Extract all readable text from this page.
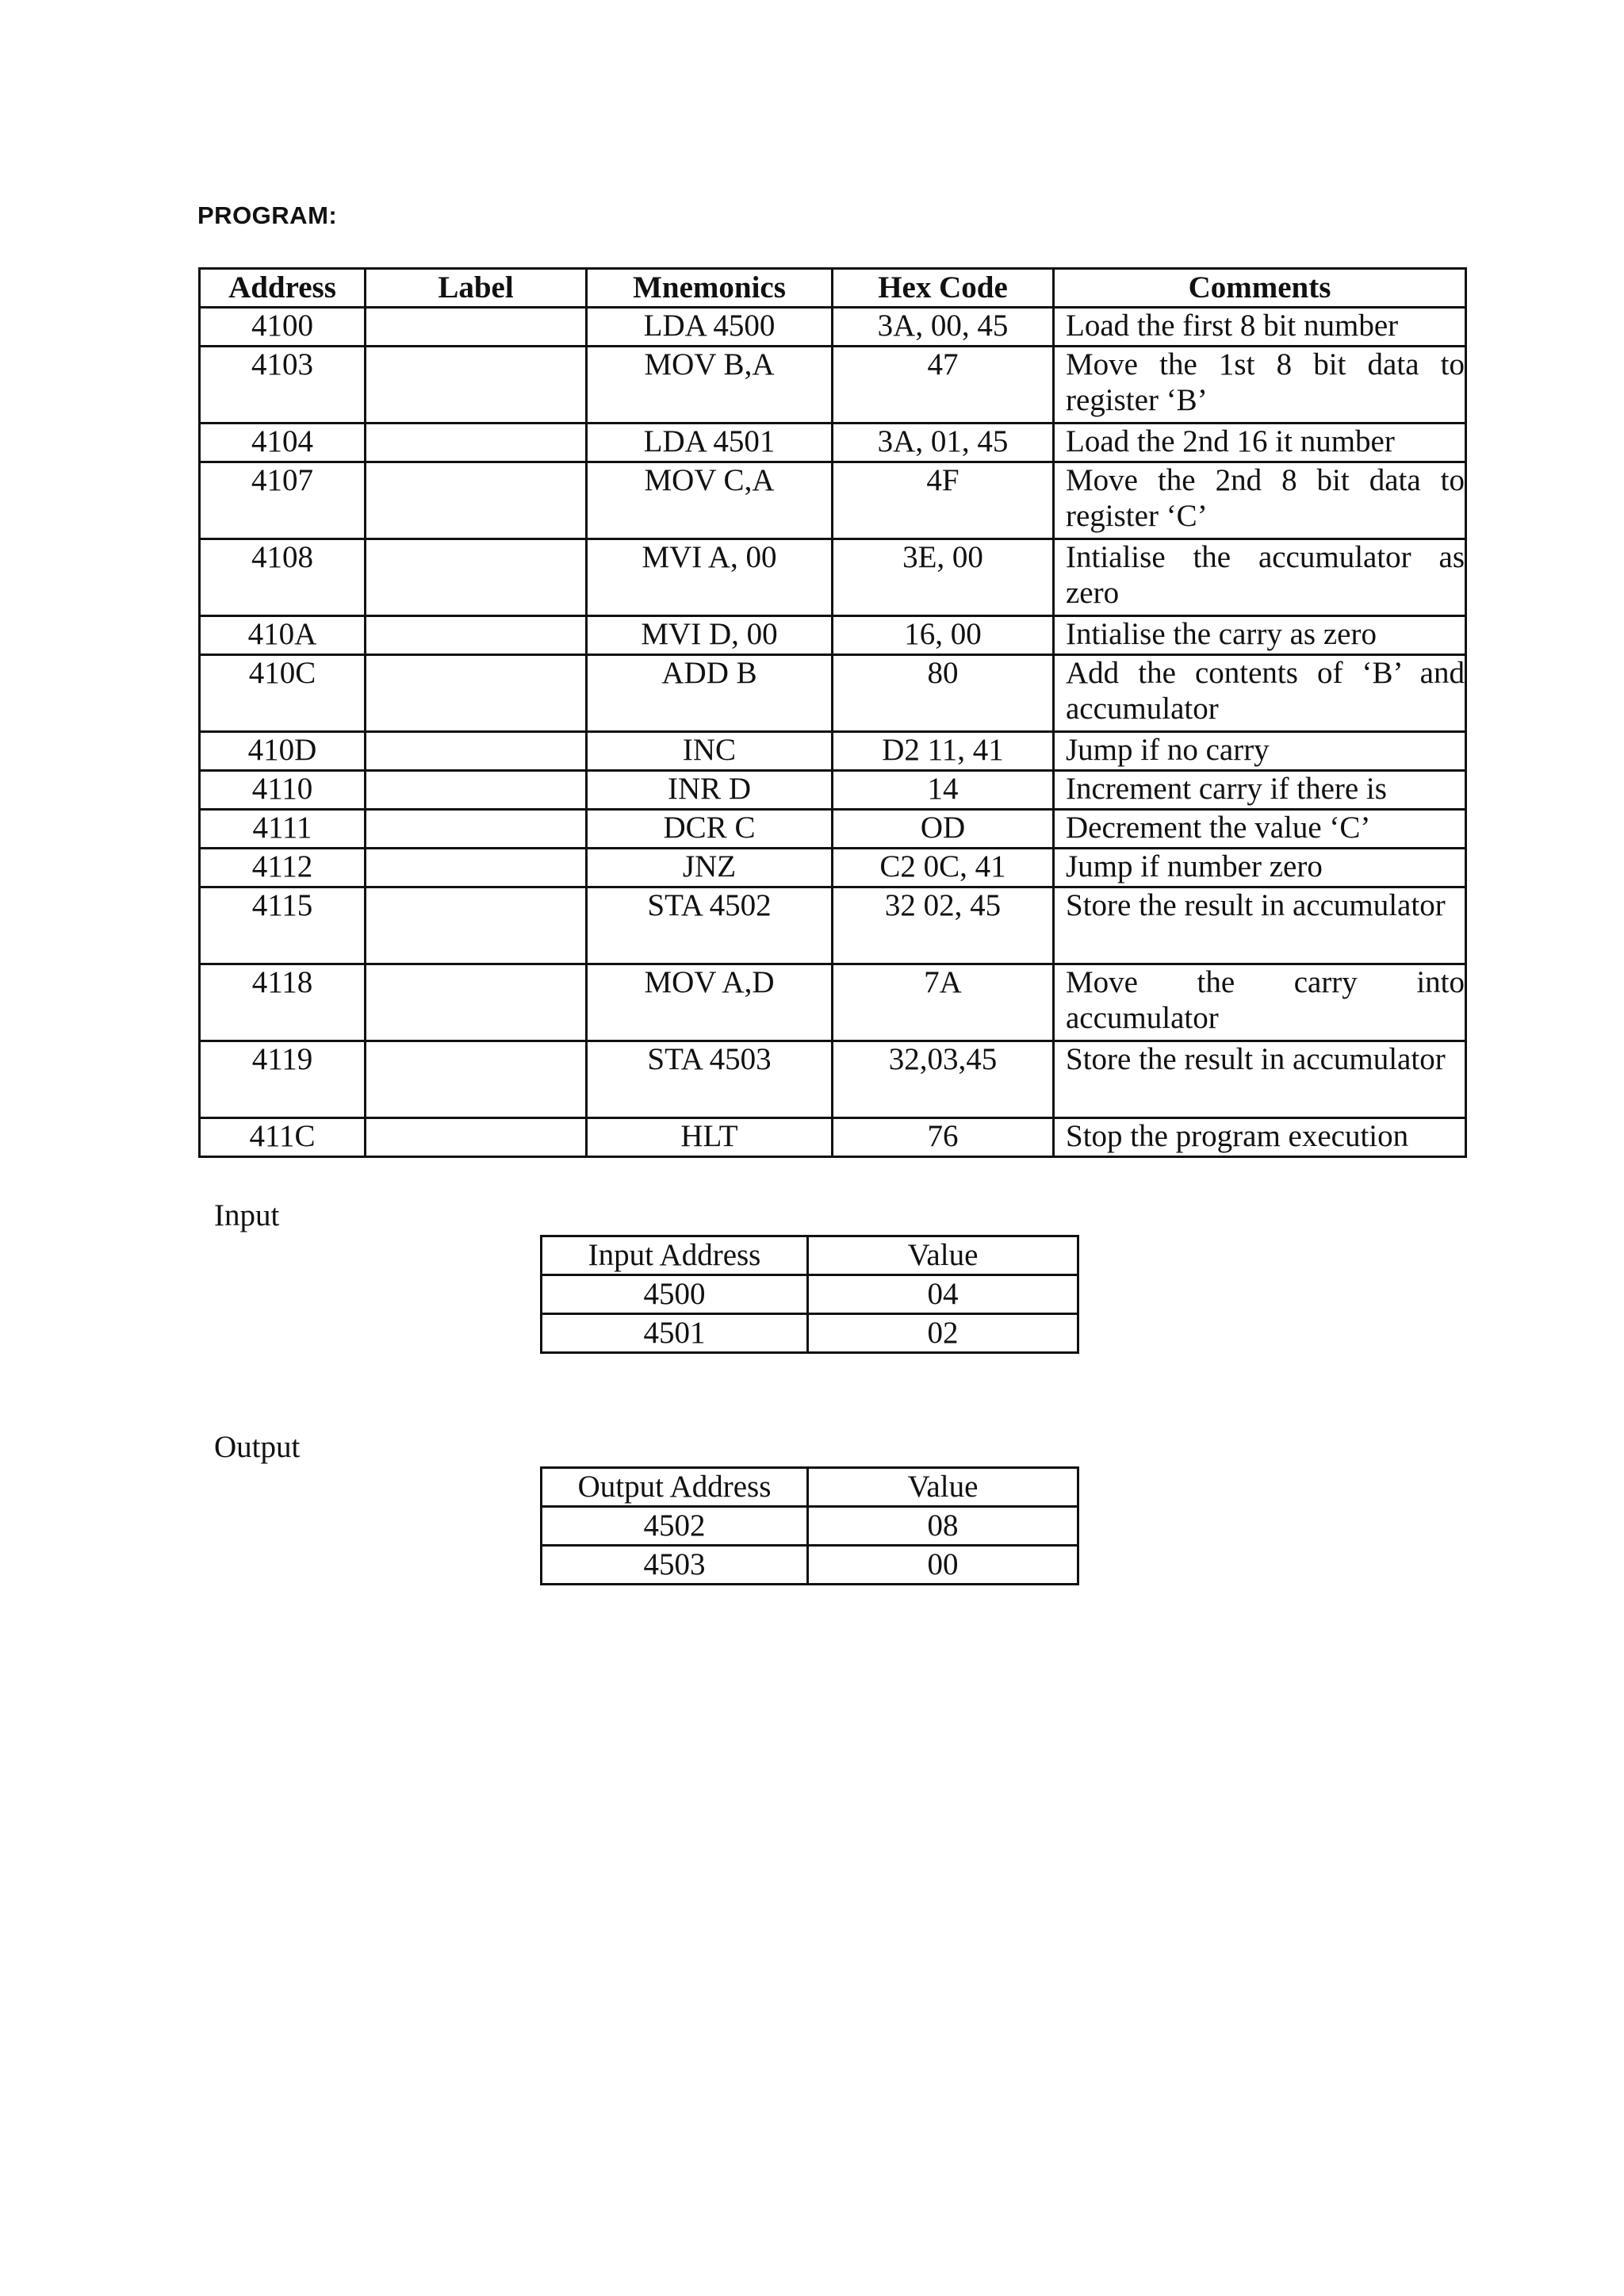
PROGRAM:
Address	Label	Mnemonics	Hex Code	Comments
4100		LDA 4500	3A, 00, 45	Load the first 8 bit number
4103		MOV B,A	47	Move the 1st 8 bit data to register ‘B’
4104		LDA 4501	3A, 01, 45	Load the 2nd 16 it number
4107		MOV C,A	4F	Move the 2nd 8 bit data to register ‘C’
4108		MVI A, 00	3E, 00	Intialise the accumulator as zero
410A		MVI D, 00	16, 00	Intialise the carry as zero
410C		ADD B	80	Add the contents of ‘B’ and accumulator
410D		INC	D2 11, 41	Jump if no carry
4110		INR D	14	Increment carry if there is
4111		DCR C	OD	Decrement the value ‘C’
4112		JNZ	C2 0C, 41	Jump if number zero
4115		STA 4502	32 02, 45	Store the result in accumulator
4118		MOV A,D	7A	Move the carry into accumulator
4119		STA 4503	32,03,45	Store the result in accumulator
411C		HLT	76	Stop the program execution
Input
Input Address	Value
4500	04
4501	02
Output
Output Address	Value
4502	08
4503	00
